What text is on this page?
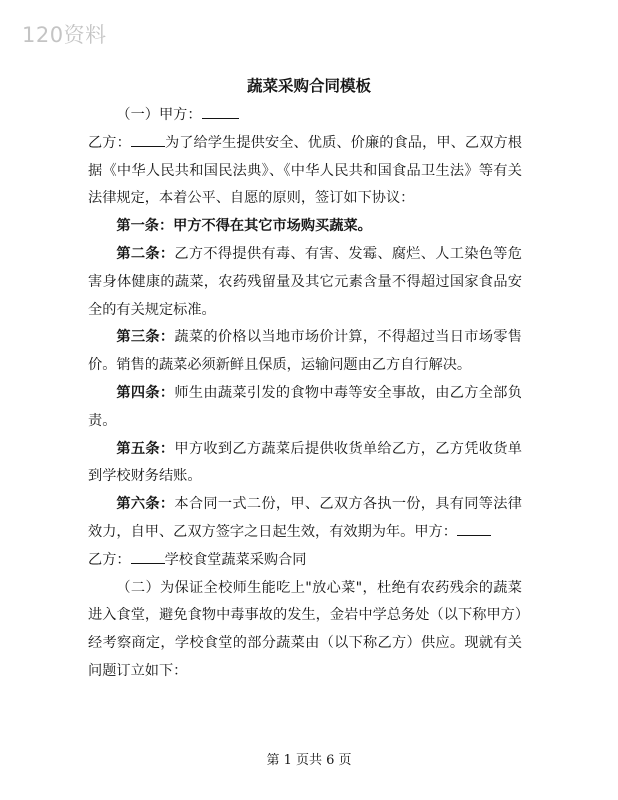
120资料
蔬菜采购合同模板

（一）甲方：

乙方： 为了给学生提供安全、优质、价廉的食品，甲、乙双方根据《中华人民共和国民法典》、《中华人民共和国食品卫生法》等有关法律规定，本着公平、自愿的原则，签订如下协议：

第一条：甲方不得在其它市场购买蔬菜。

第二条：乙方不得提供有毒、有害、发霉、腐烂、人工染色等危害身体健康的蔬菜，农药残留量及其它元素含量不得超过国家食品安全的有关规定标准。

第三条：蔬菜的价格以当地市场价计算，不得超过当日市场零售价。销售的蔬菜必须新鲜且保质，运输问题由乙方自行解决。

第四条：师生由蔬菜引发的食物中毒等安全事故，由乙方全部负责。

第五条：甲方收到乙方蔬菜后提供收货单给乙方，乙方凭收货单到学校财务结账。

第六条：本合同一式二份，甲、乙双方各执一份，具有同等法律效力，自甲、乙双方签字之日起生效，有效期为年。甲方：

乙方： 学校食堂蔬菜采购合同

（二）为保证全校师生能吃上"放心菜"，杜绝有农药残余的蔬菜进入食堂，避免食物中毒事故的发生，金岩中学总务处（以下称甲方）经考察商定，学校食堂的部分蔬菜由（以下称乙方）供应。现就有关问题订立如下：

第 1 页共 6 页
